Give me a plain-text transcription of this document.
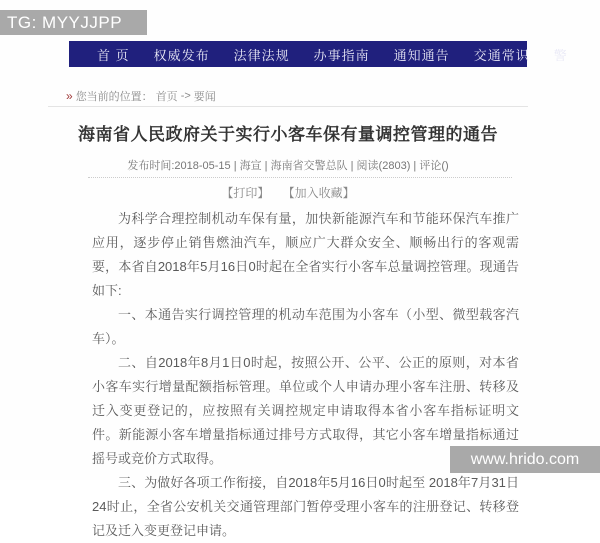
TG: MYYJJPP
首 页 权威发布 法律法规 办事指南 通知通告 交通常识 警
» 您当前的位置： 首页 -> 要闻
海南省人民政府关于实行小客车保有量调控管理的通告
发布时间:2018-05-15 | 海宣 | 海南省交警总队 | 阅读(2803) | 评论()
【打印】 【加入收藏】

为科学合理控制机动车保有量，加快新能源汽车和节能环保汽车推广应用，逐步停止销售燃油汽车，顺应广大群众安全、顺畅出行的客观需要，本省自2018年5月16日0时起在全省实行小客车总量调控管理。现通告如下:

一、本通告实行调控管理的机动车范围为小客车（小型、微型载客汽车）。

二、自2018年8月1日0时起，按照公开、公平、公正的原则，对本省小客车实行增量配额指标管理。单位或个人申请办理小客车注册、转移及迁入变更登记的，应按照有关调控规定申请取得本省小客车指标证明文件。新能源小客车增量指标通过排号方式取得，其它小客车增量指标通过摇号或竞价方式取得。

三、为做好各项工作衔接，自2018年5月16日0时起至 2018年7月31日24时止，全省公安机关交通管理部门暂停受理小客车的注册登记、转移登记及迁入变更登记申请。

www.hrido.com
